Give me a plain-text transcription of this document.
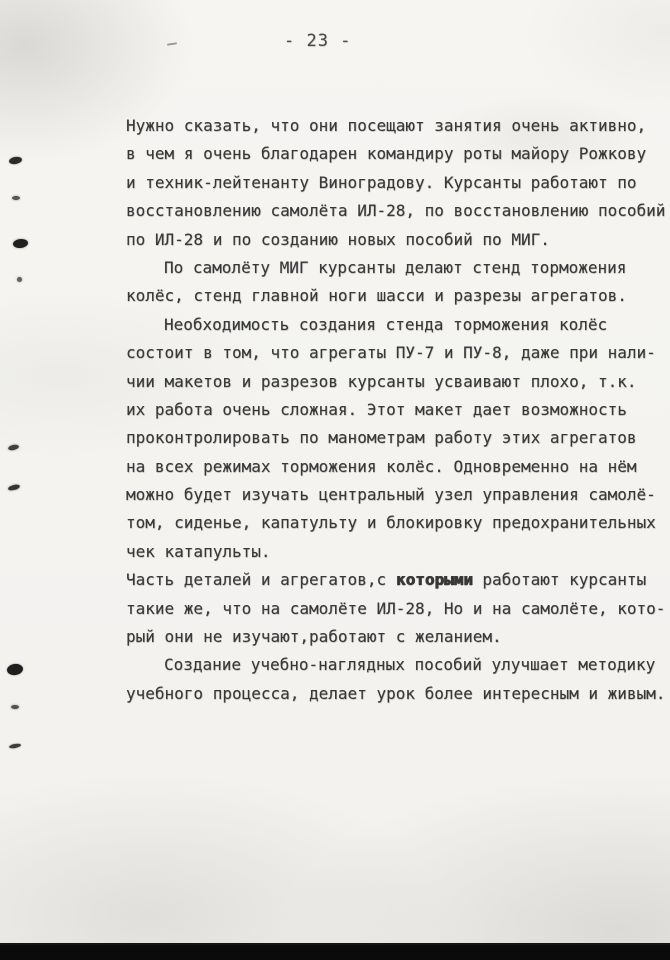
- 23 -
Нужно сказать, что они посещают занятия очень активно,
в чем я очень благодарен командиру роты майору Рожкову
и техник-лейтенанту Виноградову. Курсанты работают по
восстановлению самолёта ИЛ-28, по восстановлению пособий
по ИЛ-28 и по созданию новых пособий по МИГ.
По самолёту МИГ курсанты делают стенд торможения
колёс, стенд главной ноги шасси и разрезы агрегатов.
Необходимость создания стенда торможения колёс
состоит в том, что агрегаты ПУ-7 и ПУ-8, даже при нали-
чии макетов и разрезов курсанты усваивают плохо, т.к.
их работа очень сложная. Этот макет дает возможность
проконтролировать по манометрам работу этих агрегатов
на всех режимах торможения колёс. Одновременно на нём
можно будет изучать центральный узел управления самолё-
том, сиденье, капатульту и блокировку предохранительных
чек катапульты.
Часть деталей и агрегатов,с которыми работают курсанты
такие же, что на самолёте ИЛ-28, Но и на самолёте, кото-
рый они не изучают,работают с желанием.
Создание учебно-наглядных пособий улучшает методику
учебного процесса, делает урок более интересным и живым.
